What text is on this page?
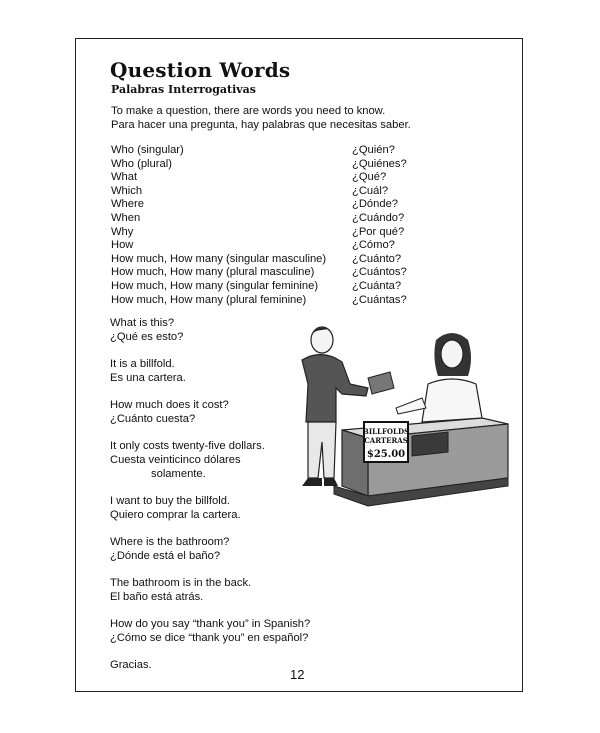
Question Words
Palabras Interrogativas
To make a question, there are words you need to know.
Para hacer una pregunta, hay palabras que necesitas saber.
Who (singular)	¿Quién?
Who (plural)	¿Quiénes?
What	¿Qué?
Which	¿Cuál?
Where	¿Dónde?
When	¿Cuándo?
Why	¿Por qué?
How	¿Cómo?
How much, How many (singular masculine)	¿Cuánto?
How much, How many (plural masculine)	¿Cuántos?
How much, How many (singular feminine)	¿Cuánta?
How much, How many (plural feminine)	¿Cuántas?
What is this?
¿Qué es esto?
It is a billfold.
Es una cartera.
How much does it cost?
¿Cuánto cuesta?
It only costs twenty-five dollars.
Cuesta veinticinco dólares
solamente.
I want to buy the billfold.
Quiero comprar la cartera.
Where is the bathroom?
¿Dónde está el baño?
The bathroom is in the back.
El baño está atrás.
How do you say “thank you” in Spanish?
¿Cómo se dice “thank you” en español?
Gracias.
BILLFOLDS
CARTERAS
$25.00
12
